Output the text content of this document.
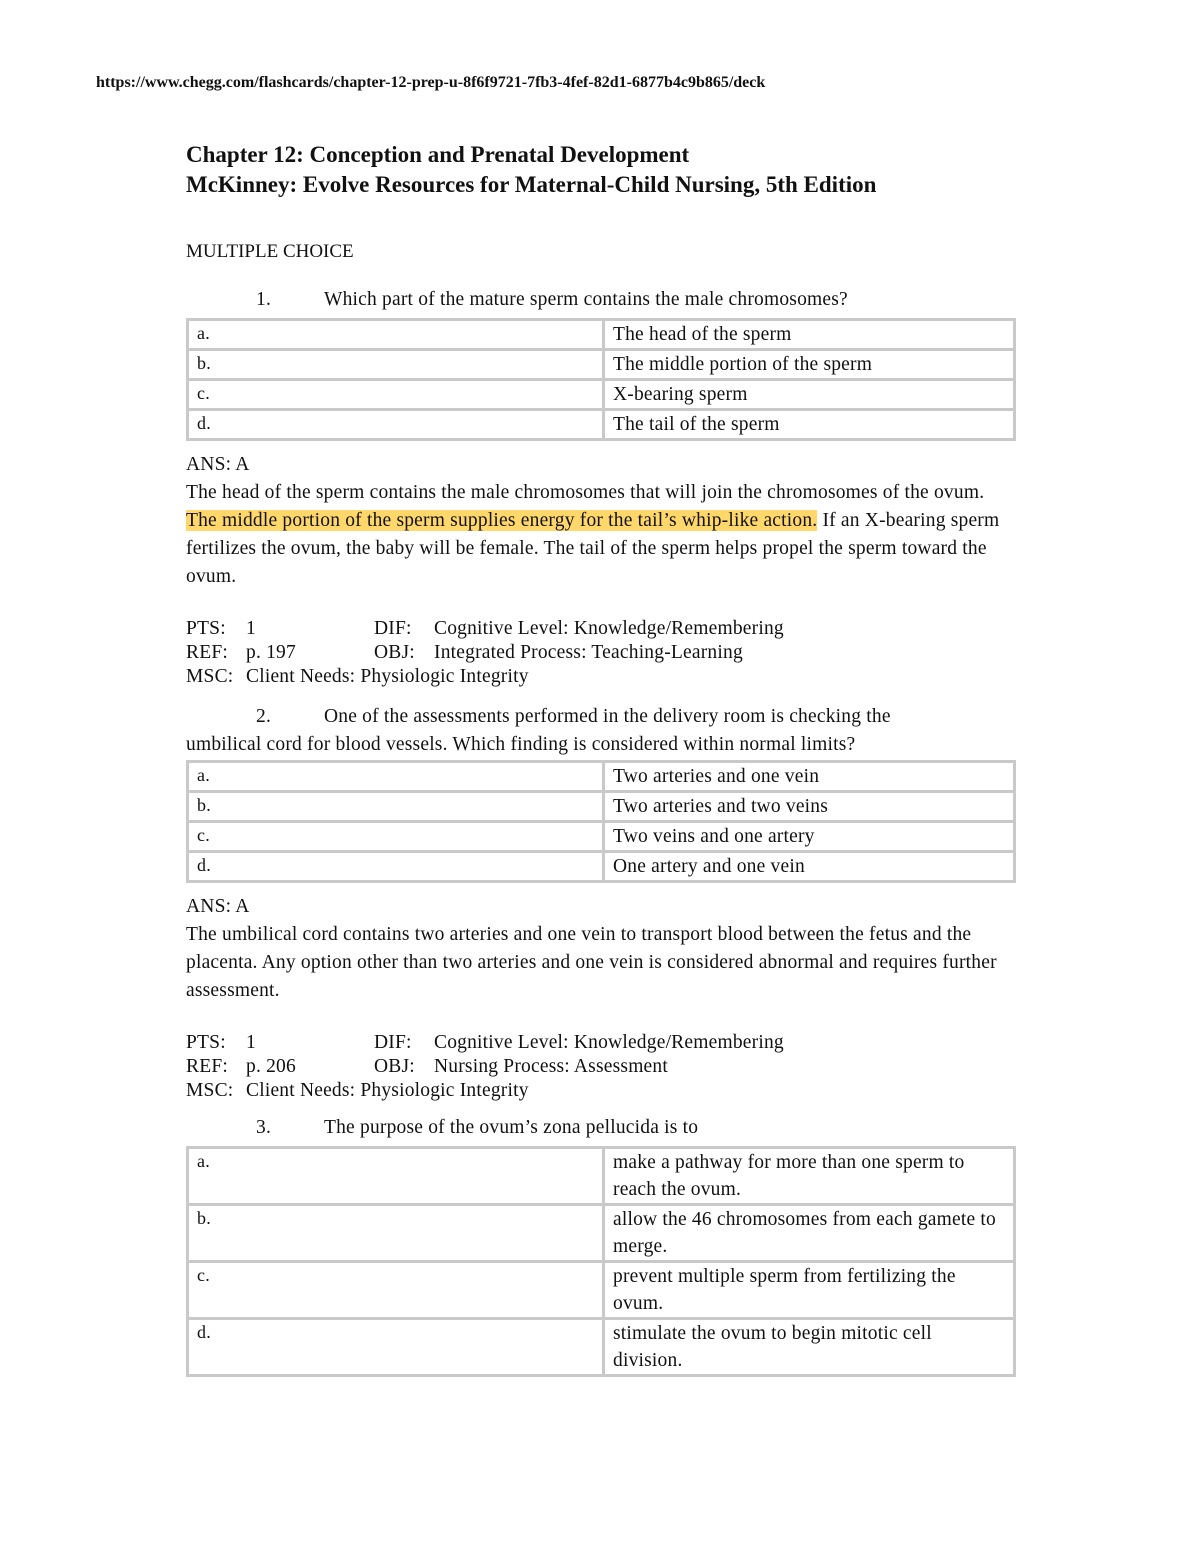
https://www.chegg.com/flashcards/chapter-12-prep-u-8f6f9721-7fb3-4fef-82d1-6877b4c9b865/deck
Chapter 12: Conception and Prenatal Development
McKinney: Evolve Resources for Maternal-Child Nursing, 5th Edition
MULTIPLE CHOICE
1.	Which part of the mature sperm contains the male chromosomes?
a.	The head of the sperm
b.	The middle portion of the sperm
c.	X-bearing sperm
d.	The tail of the sperm
ANS: A
The head of the sperm contains the male chromosomes that will join the chromosomes of the ovum. The middle portion of the sperm supplies energy for the tail’s whip-like action. If an X-bearing sperm fertilizes the ovum, the baby will be female. The tail of the sperm helps propel the sperm toward the ovum.
PTS: 1	DIF: Cognitive Level: Knowledge/Remembering
REF: p. 197	OBJ: Integrated Process: Teaching-Learning
MSC: Client Needs: Physiologic Integrity
2.	One of the assessments performed in the delivery room is checking the
umbilical cord for blood vessels. Which finding is considered within normal limits?
a.	Two arteries and one vein
b.	Two arteries and two veins
c.	Two veins and one artery
d.	One artery and one vein
ANS: A
The umbilical cord contains two arteries and one vein to transport blood between the fetus and the placenta. Any option other than two arteries and one vein is considered abnormal and requires further assessment.
PTS: 1	DIF: Cognitive Level: Knowledge/Remembering
REF: p. 206	OBJ: Nursing Process: Assessment
MSC: Client Needs: Physiologic Integrity
3.	The purpose of the ovum’s zona pellucida is to
a.	make a pathway for more than one sperm to reach the ovum.
b.	allow the 46 chromosomes from each gamete to merge.
c.	prevent multiple sperm from fertilizing the ovum.
d.	stimulate the ovum to begin mitotic cell division.
